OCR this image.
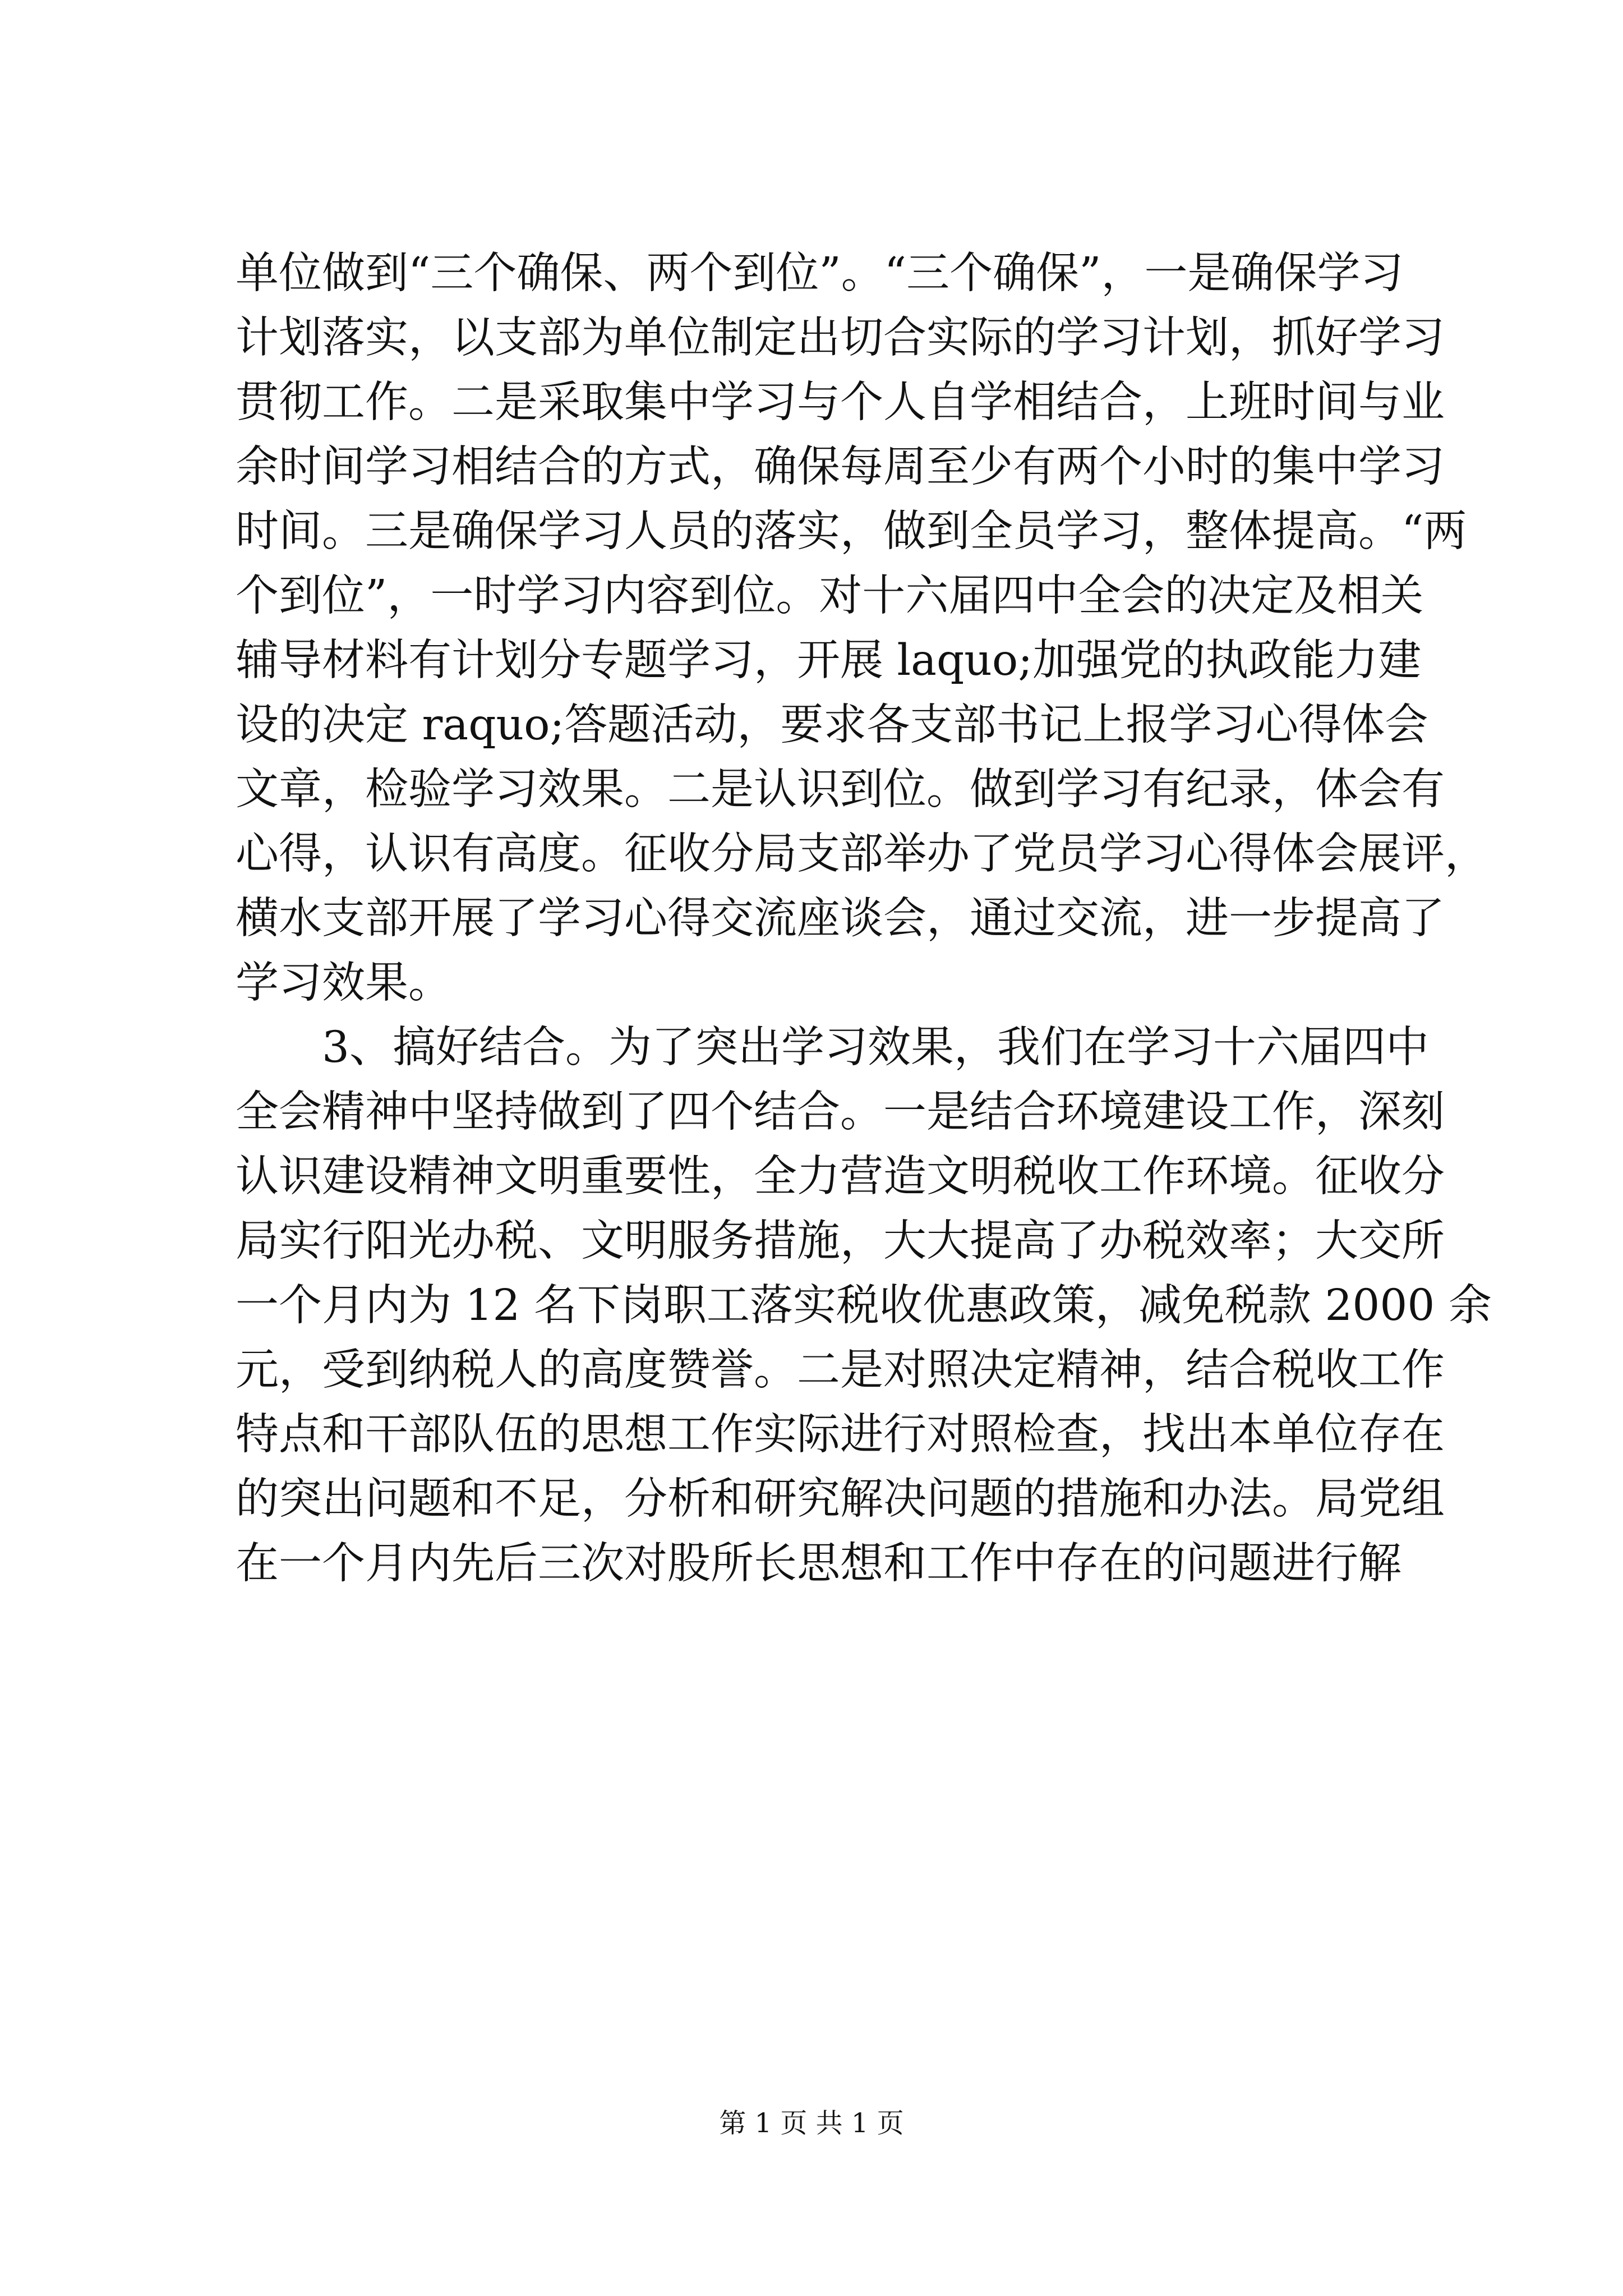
单位做到“三个确保、两个到位”。“三个确保”，一是确保学习
计划落实，以支部为单位制定出切合实际的学习计划，抓好学习
贯彻工作。二是采取集中学习与个人自学相结合，上班时间与业
余时间学习相结合的方式，确保每周至少有两个小时的集中学习
时间。三是确保学习人员的落实，做到全员学习，整体提高。“两
个到位”，一时学习内容到位。对十六届四中全会的决定及相关
辅导材料有计划分专题学习，开展 laquo;加强党的执政能力建
设的决定 raquo;答题活动，要求各支部书记上报学习心得体会
文章，检验学习效果。二是认识到位。做到学习有纪录，体会有
心得，认识有高度。征收分局支部举办了党员学习心得体会展评，
横水支部开展了学习心得交流座谈会，通过交流，进一步提高了
学习效果。
　　3、搞好结合。为了突出学习效果，我们在学习十六届四中
全会精神中坚持做到了四个结合。一是结合环境建设工作，深刻
认识建设精神文明重要性，全力营造文明税收工作环境。征收分
局实行阳光办税、文明服务措施，大大提高了办税效率；大交所
一个月内为 12 名下岗职工落实税收优惠政策，减免税款 2000 余
元，受到纳税人的高度赞誉。二是对照决定精神，结合税收工作
特点和干部队伍的思想工作实际进行对照检查，找出本单位存在
的突出问题和不足，分析和研究解决问题的措施和办法。局党组
在一个月内先后三次对股所长思想和工作中存在的问题进行解
第 1 页 共 1 页
